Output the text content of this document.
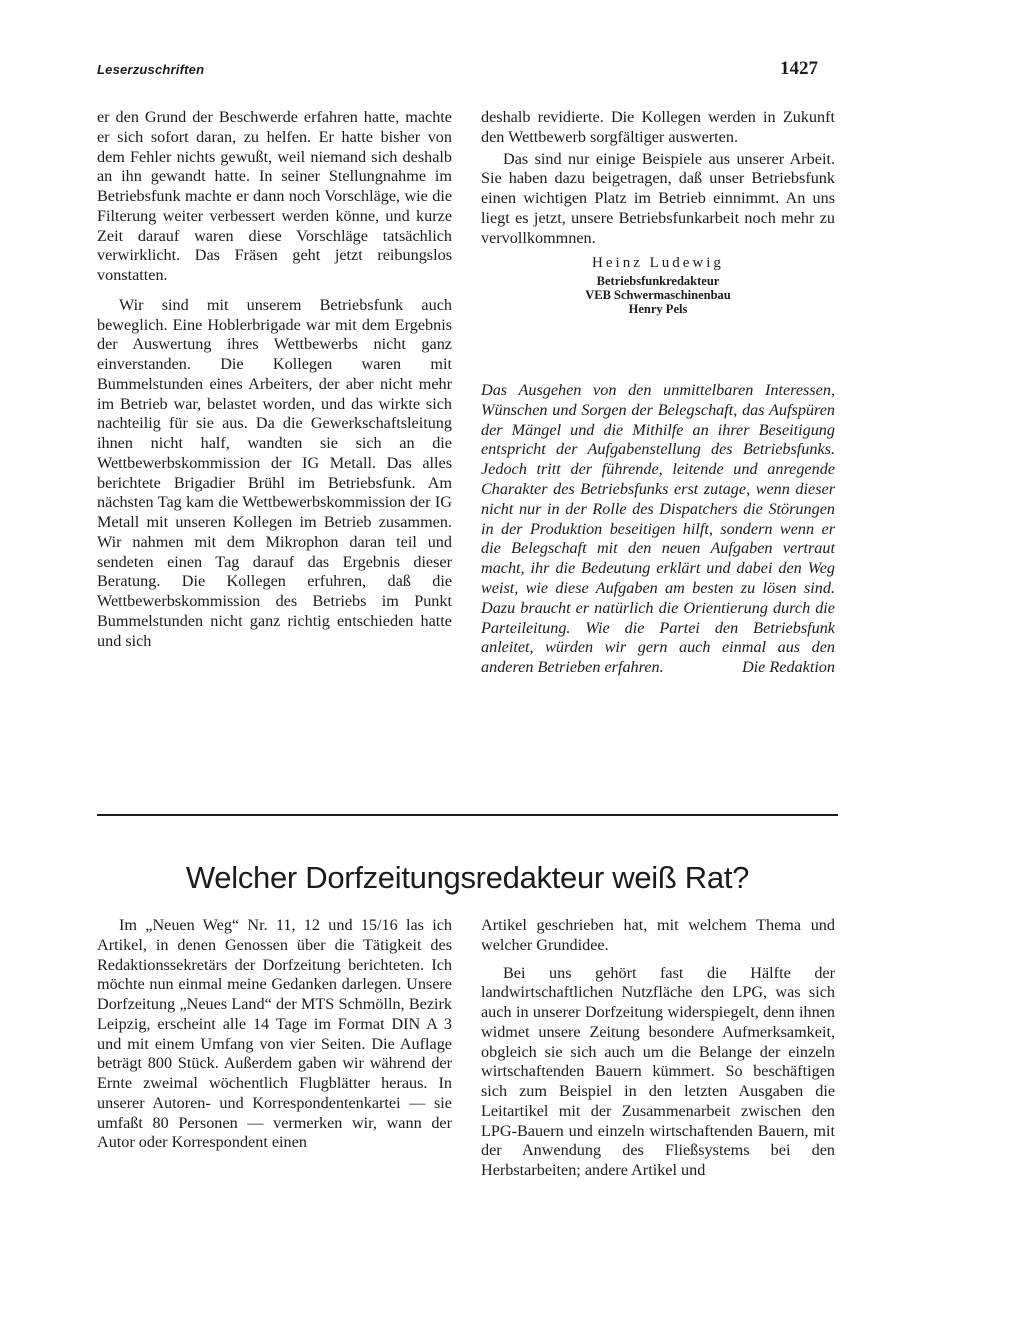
Leserzuschriften	1427

er den Grund der Beschwerde erfahren hatte, machte er sich sofort daran, zu helfen. Er hatte bisher von dem Fehler nichts gewußt, weil niemand sich deshalb an ihn gewandt hatte. In seiner Stellungnahme im Betriebsfunk machte er dann noch Vorschläge, wie die Filterung weiter verbessert werden könne, und kurze Zeit darauf waren diese Vorschläge tatsächlich verwirklicht. Das Fräsen geht jetzt reibungslos vonstatten.

Wir sind mit unserem Betriebsfunk auch beweglich. Eine Hoblerbrigade war mit dem Ergebnis der Auswertung ihres Wettbewerbs nicht ganz einverstanden. Die Kollegen waren mit Bummelstunden eines Arbeiters, der aber nicht mehr im Betrieb war, belastet worden, und das wirkte sich nachteilig für sie aus. Da die Gewerkschaftsleitung ihnen nicht half, wandten sie sich an die Wettbewerbskommission der IG Metall. Das alles berichtete Brigadier Brühl im Betriebsfunk. Am nächsten Tag kam die Wettbewerbskommission der IG Metall mit unseren Kollegen im Betrieb zusammen. Wir nahmen mit dem Mikrophon daran teil und sendeten einen Tag darauf das Ergebnis dieser Beratung. Die Kollegen erfuhren, daß die Wettbewerbskommission des Betriebs im Punkt Bummelstunden nicht ganz richtig entschieden hatte und sich

deshalb revidierte. Die Kollegen werden in Zukunft den Wettbewerb sorgfältiger auswerten.

Das sind nur einige Beispiele aus unserer Arbeit. Sie haben dazu beigetragen, daß unser Betriebsfunk einen wichtigen Platz im Betrieb einnimmt. An uns liegt es jetzt, unsere Betriebsfunkarbeit noch mehr zu vervollkommnen.

Heinz Ludewig
Betriebsfunkredakteur
VEB Schwermaschinenbau
Henry Pels
Das Ausgehen von den unmittelbaren Interessen, Wünschen und Sorgen der Belegschaft, das Aufspüren der Mängel und die Mithilfe an ihrer Beseitigung entspricht der Aufgabenstellung des Betriebsfunks. Jedoch tritt der führende, leitende und anregende Charakter des Betriebsfunks erst zutage, wenn dieser nicht nur in der Rolle des Dispatchers die Störungen in der Produktion beseitigen hilft, sondern wenn er die Belegschaft mit den neuen Aufgaben vertraut macht, ihr die Bedeutung erklärt und dabei den Weg weist, wie diese Aufgaben am besten zu lösen sind. Dazu braucht er natürlich die Orientierung durch die Parteileitung. Wie die Partei den Betriebsfunk anleitet, würden wir gern auch einmal aus den anderen Betrieben erfahren.	Die Redaktion
Welcher Dorfzeitungsredakteur weiß Rat?

Im „Neuen Weg“ Nr. 11, 12 und 15/16 las ich Artikel, in denen Genossen über die Tätigkeit des Redaktionssekretärs der Dorfzeitung berichteten. Ich möchte nun einmal meine Gedanken darlegen. Unsere Dorfzeitung „Neues Land“ der MTS Schmölln, Bezirk Leipzig, erscheint alle 14 Tage im Format DIN A 3 und mit einem Umfang von vier Seiten. Die Auflage beträgt 800 Stück. Außerdem gaben wir während der Ernte zweimal wöchentlich Flugblätter heraus. In unserer Autoren- und Korrespondentenkartei — sie umfaßt 80 Personen — vermerken wir, wann der Autor oder Korrespondent einen

Artikel geschrieben hat, mit welchem Thema und welcher Grundidee.

Bei uns gehört fast die Hälfte der landwirtschaftlichen Nutzfläche den LPG, was sich auch in unserer Dorfzeitung widerspiegelt, denn ihnen widmet unsere Zeitung besondere Aufmerksamkeit, obgleich sie sich auch um die Belange der einzeln wirtschaftenden Bauern kümmert. So beschäftigen sich zum Beispiel in den letzten Ausgaben die Leitartikel mit der Zusammenarbeit zwischen den LPG-Bauern und einzeln wirtschaftenden Bauern, mit der Anwendung des Fließsystems bei den Herbstarbeiten; andere Artikel und
